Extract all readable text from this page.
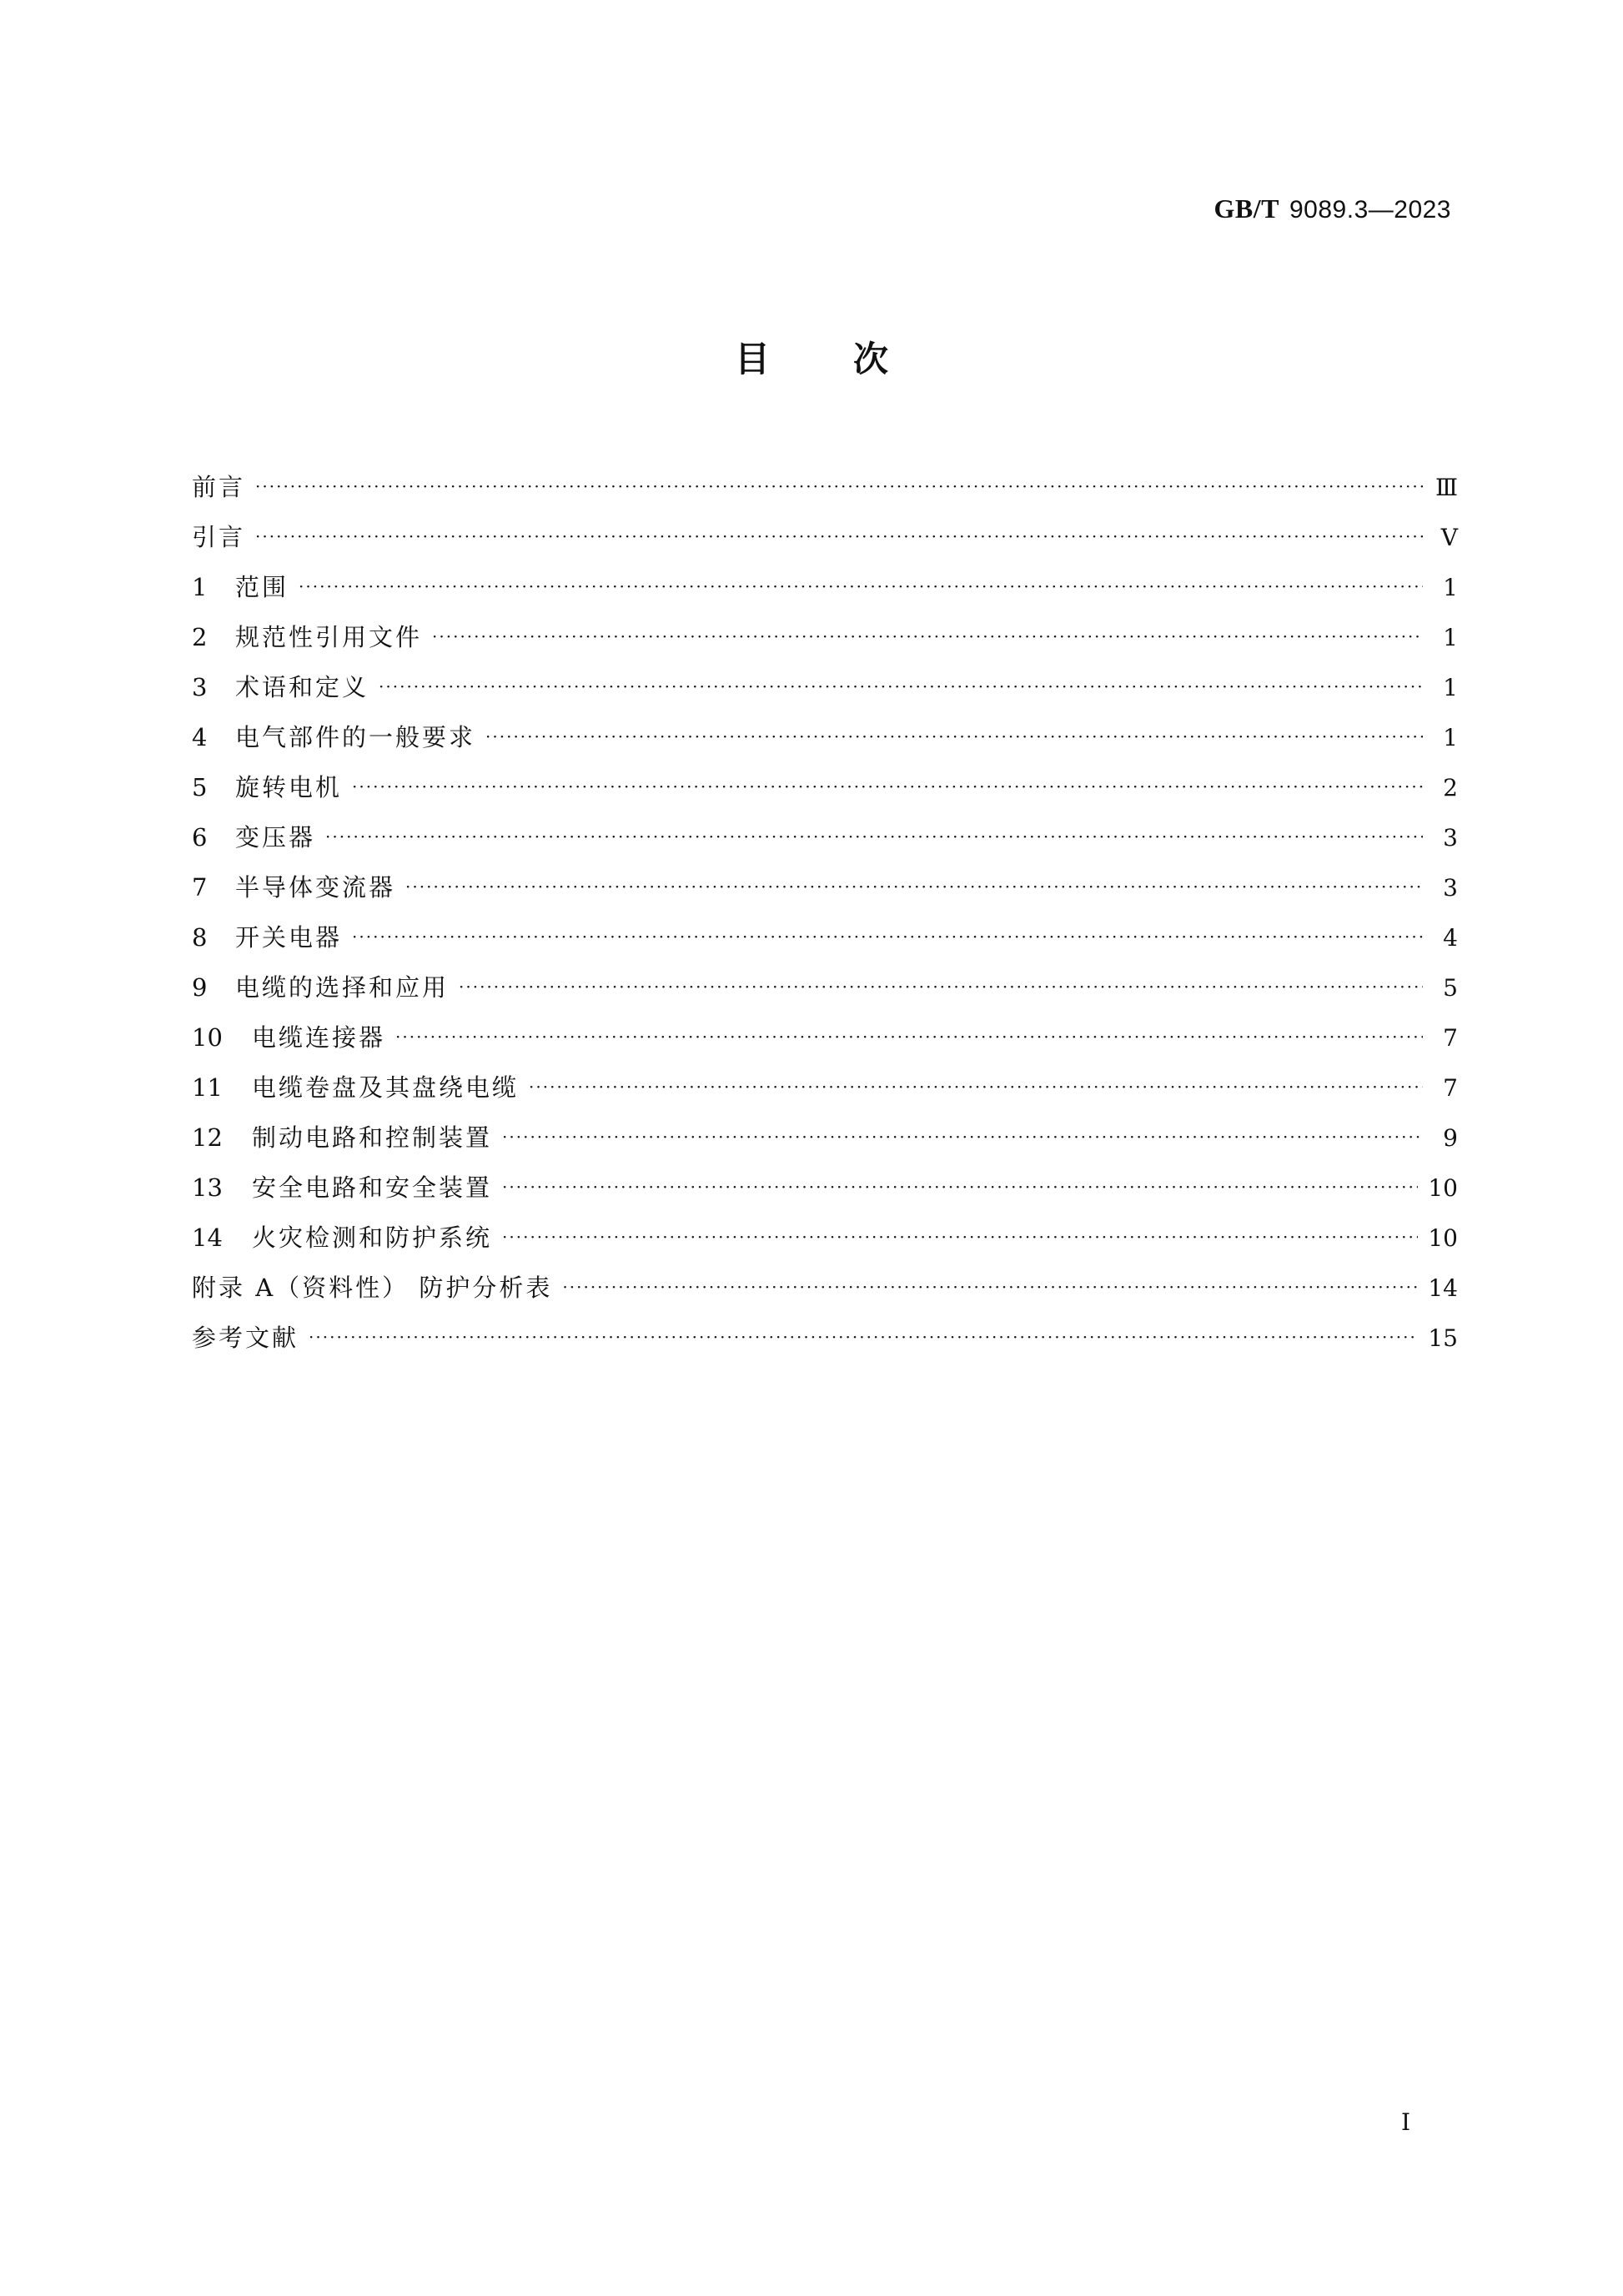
GB/T 9089.3—2023
目 次
前言 ·····	Ⅲ
引言 ·····	Ⅴ
1	范围 ·····	1
2	规范性引用文件 ·····	1
3	术语和定义 ·····	1
4	电气部件的一般要求 ·····	1
5	旋转电机 ·····	2
6	变压器 ·····	3
7	半导体变流器 ·····	3
8	开关电器 ·····	4
9	电缆的选择和应用 ·····	5
10	电缆连接器 ·····	7
11	电缆卷盘及其盘绕电缆 ·····	7
12	制动电路和控制装置 ·····	9
13	安全电路和安全装置 ·····	10
14	火灾检测和防护系统 ·····	10
附录 A（资料性） 防护分析表 ·····	14
参考文献 ·····	15
Ⅰ
